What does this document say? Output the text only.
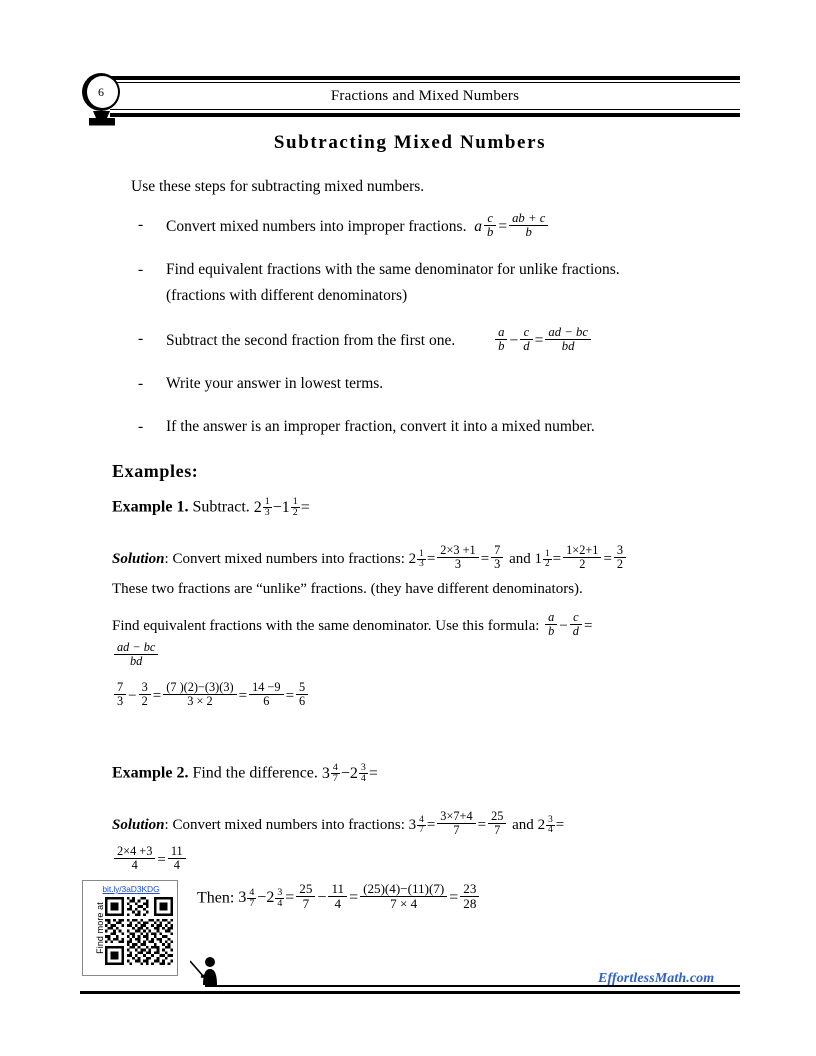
Fractions and Mixed Numbers
6
Subtracting Mixed Numbers
Use these steps for subtracting mixed numbers.
-	Convert mixed numbers into improper fractions. a $\frac{c}{b} = \frac{ab + c}{b}$
-	Find equivalent fractions with the same denominator for unlike fractions.
(fractions with different denominators)
-	Subtract the second fraction from the first one.	$\frac{a}{b} - \frac{c}{d} = \frac{ad - bc}{bd}$
-	Write your answer in lowest terms.
-	If the answer is an improper fraction, convert it into a mixed number.
Examples:
Example 1. Subtract. $2 \frac{1}{3} -1 \frac{1}{2}$ =
Solution: Convert mixed numbers into fractions: $2 \frac{1}{3} = \frac{2\times 3 +1}{3} = \frac{7}{3}$ and $1 \frac{1}{2} = \frac{1\times 2+1}{2} = \frac{3}{2}$
These two fractions are “unlike” fractions. (they have different denominators).
Find equivalent fractions with the same denominator. Use this formula: $\frac{a}{b} - \frac{c}{d}$ =
$\frac{ad - bc}{bd}$
$\frac{7}{3} - \frac{3}{2} = \frac{(7 )(2)-(3)(3)}{3 \times 2} = \frac{14 -9}{6} = \frac{5}{6}$
Example 2. Find the difference. $3 \frac{4}{7} -2 \frac{3}{4}$ =
Solution: Convert mixed numbers into fractions: $3 \frac{4}{7} = \frac{3\times 7+4}{7} = \frac{25}{7}$ and $2 \frac{3}{4}$ =
$\frac{2\times 4 +3}{4} = \frac{11}{4}$
Then: $3 \frac{4}{7} -2 \frac{3}{4} = \frac{25}{7} - \frac{11}{4} = \frac{(25)(4)-(11)(7)}{7 \times 4} = \frac{23}{28}$
bit.ly/3aD3KDG
Find more at
EffortlessMath.com
